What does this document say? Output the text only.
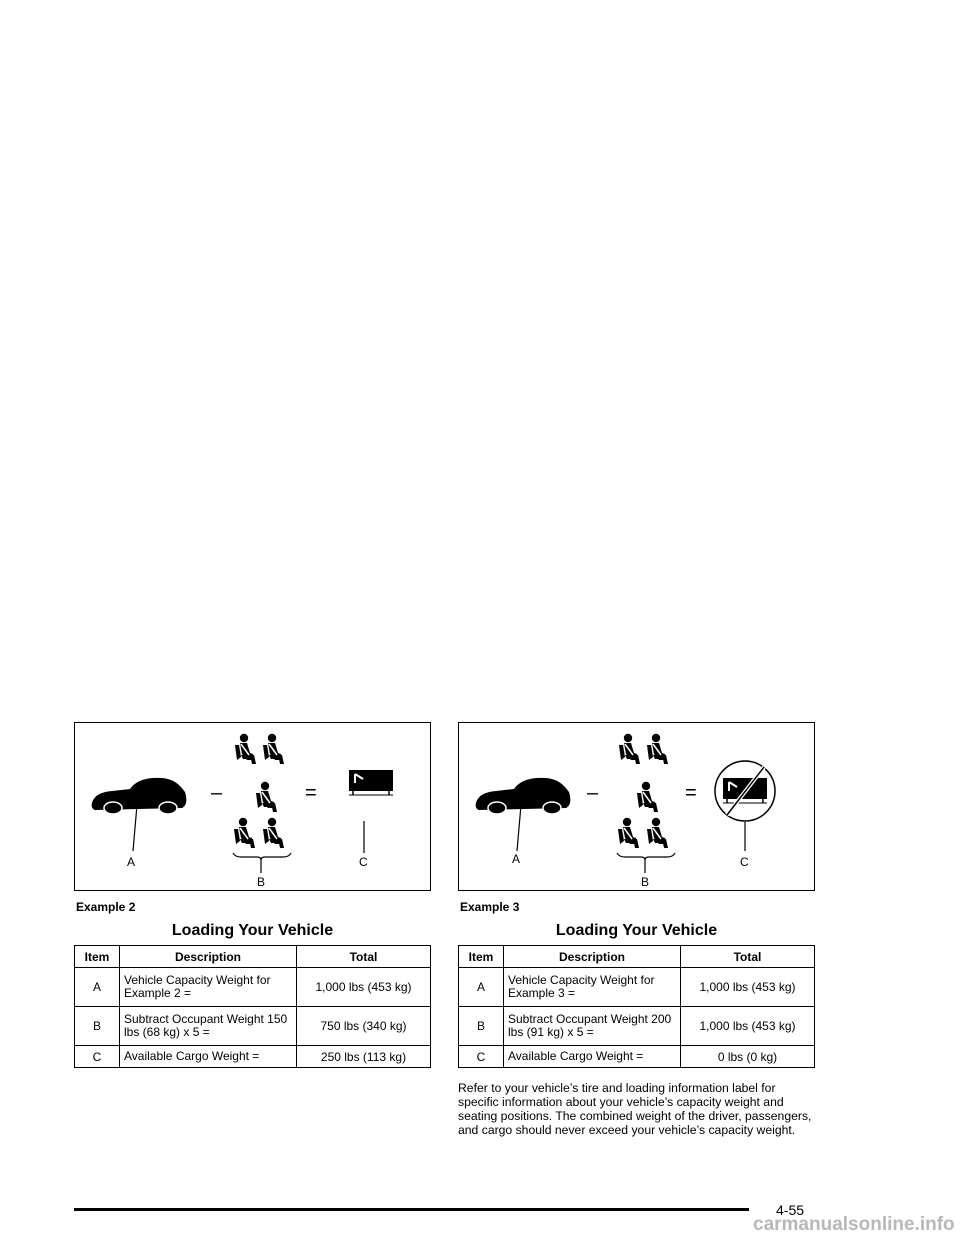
–	=
A
B
C
Example 2
Loading Your Vehicle
Item	Description	Total
A	Vehicle Capacity Weight for Example 2 =	1,000 lbs (453 kg)
B	Subtract Occupant Weight 150 lbs (68 kg) x 5 =	750 lbs (340 kg)
C	Available Cargo Weight =	250 lbs (113 kg)
–	=
A
B
C
Example 3
Loading Your Vehicle
Item	Description	Total
A	Vehicle Capacity Weight for Example 3 =	1,000 lbs (453 kg)
B	Subtract Occupant Weight 200 lbs (91 kg) x 5 =	1,000 lbs (453 kg)
C	Available Cargo Weight =	0 lbs (0 kg)
Refer to your vehicle’s tire and loading information label for specific information about your vehicle’s capacity weight and seating positions. The combined weight of the driver, passengers, and cargo should never exceed your vehicle’s capacity weight.
4-55
carmanualsonline.info
